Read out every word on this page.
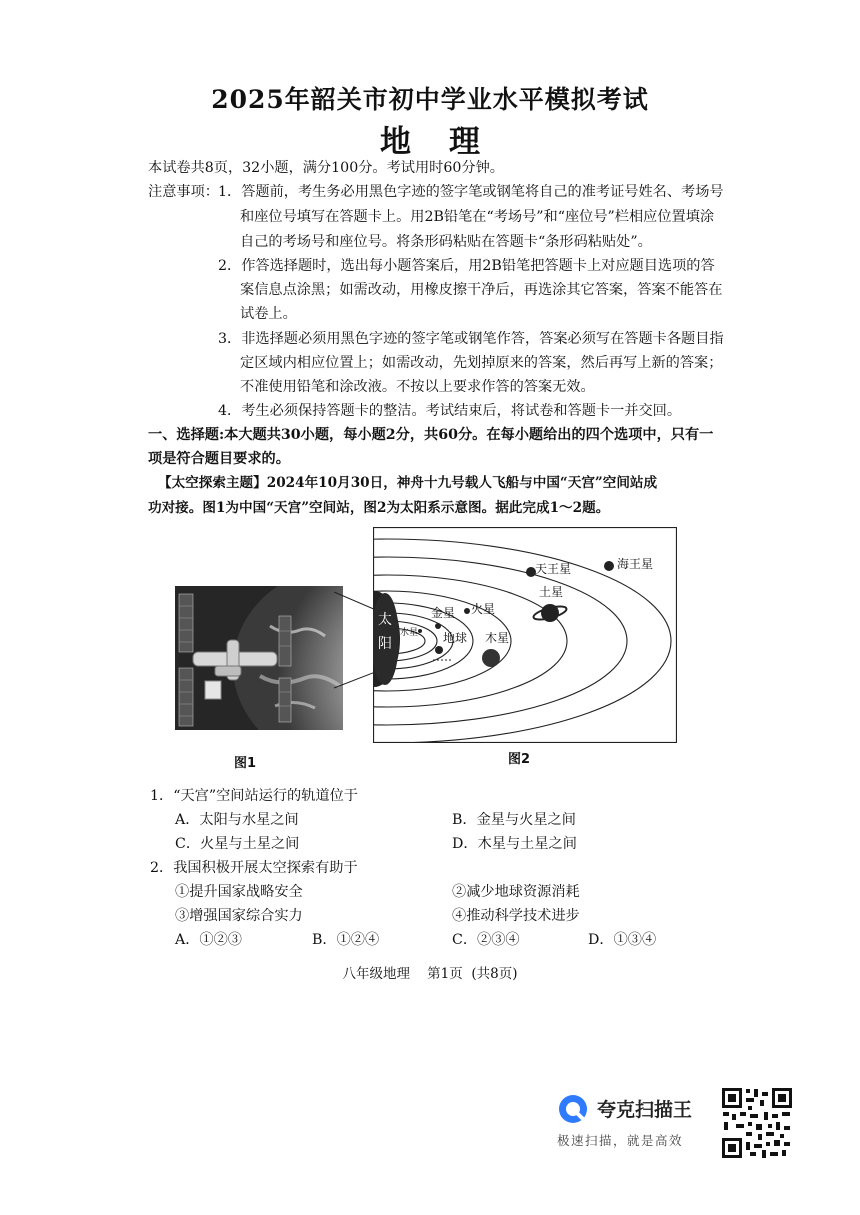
2025年韶关市初中学业水平模拟考试
地理
本试卷共8页，32小题，满分100分。考试用时60分钟。
注意事项： 1．答题前，考生务必用黑色字迹的签字笔或钢笔将自己的准考证号姓名、考场号
和座位号填写在答题卡上。用2B铅笔在“考场号”和“座位号”栏相应位置填涂
自己的考场号和座位号。将条形码粘贴在答题卡“条形码粘贴处”。
2．作答选择题时，选出每小题答案后，用2B铅笔把答题卡上对应题目选项的答
案信息点涂黑；如需改动，用橡皮擦干净后，再选涂其它答案，答案不能答在
试卷上。
3．非选择题必须用黑色字迹的签字笔或钢笔作答，答案必须写在答题卡各题目指
定区域内相应位置上；如需改动，先划掉原来的答案，然后再写上新的答案；
不准使用铅笔和涂改液。不按以上要求作答的答案无效。
4．考生必须保持答题卡的整洁。考试结束后，将试卷和答题卡一并交回。
一、选择题:本大题共30小题，每小题2分，共60分。在每小题给出的四个选项中，只有一
项是符合题目要求的。
【太空探索主题】2024年10月30日，神舟十九号载人飞船与中国“天宫”空间站成
功对接。图1为中国“天宫”空间站，图2为太阳系示意图。据此完成1～2题。
太
阳
水星
金星
地球
火星
木星
土星
天王星	海王星
图1	图2
1．“天宫”空间站运行的轨道位于
A．太阳与水星之间	B．金星与火星之间
C．火星与土星之间	D．木星与土星之间
2．我国积极开展太空探索有助于
①提升国家战略安全	②减少地球资源消耗
③增强国家综合实力	④推动科学技术进步
A．①②③	B．①②④	C．②③④	D．①③④
八年级地理    第1页  (共8页)
夸克扫描王
极速扫描，就是高效
